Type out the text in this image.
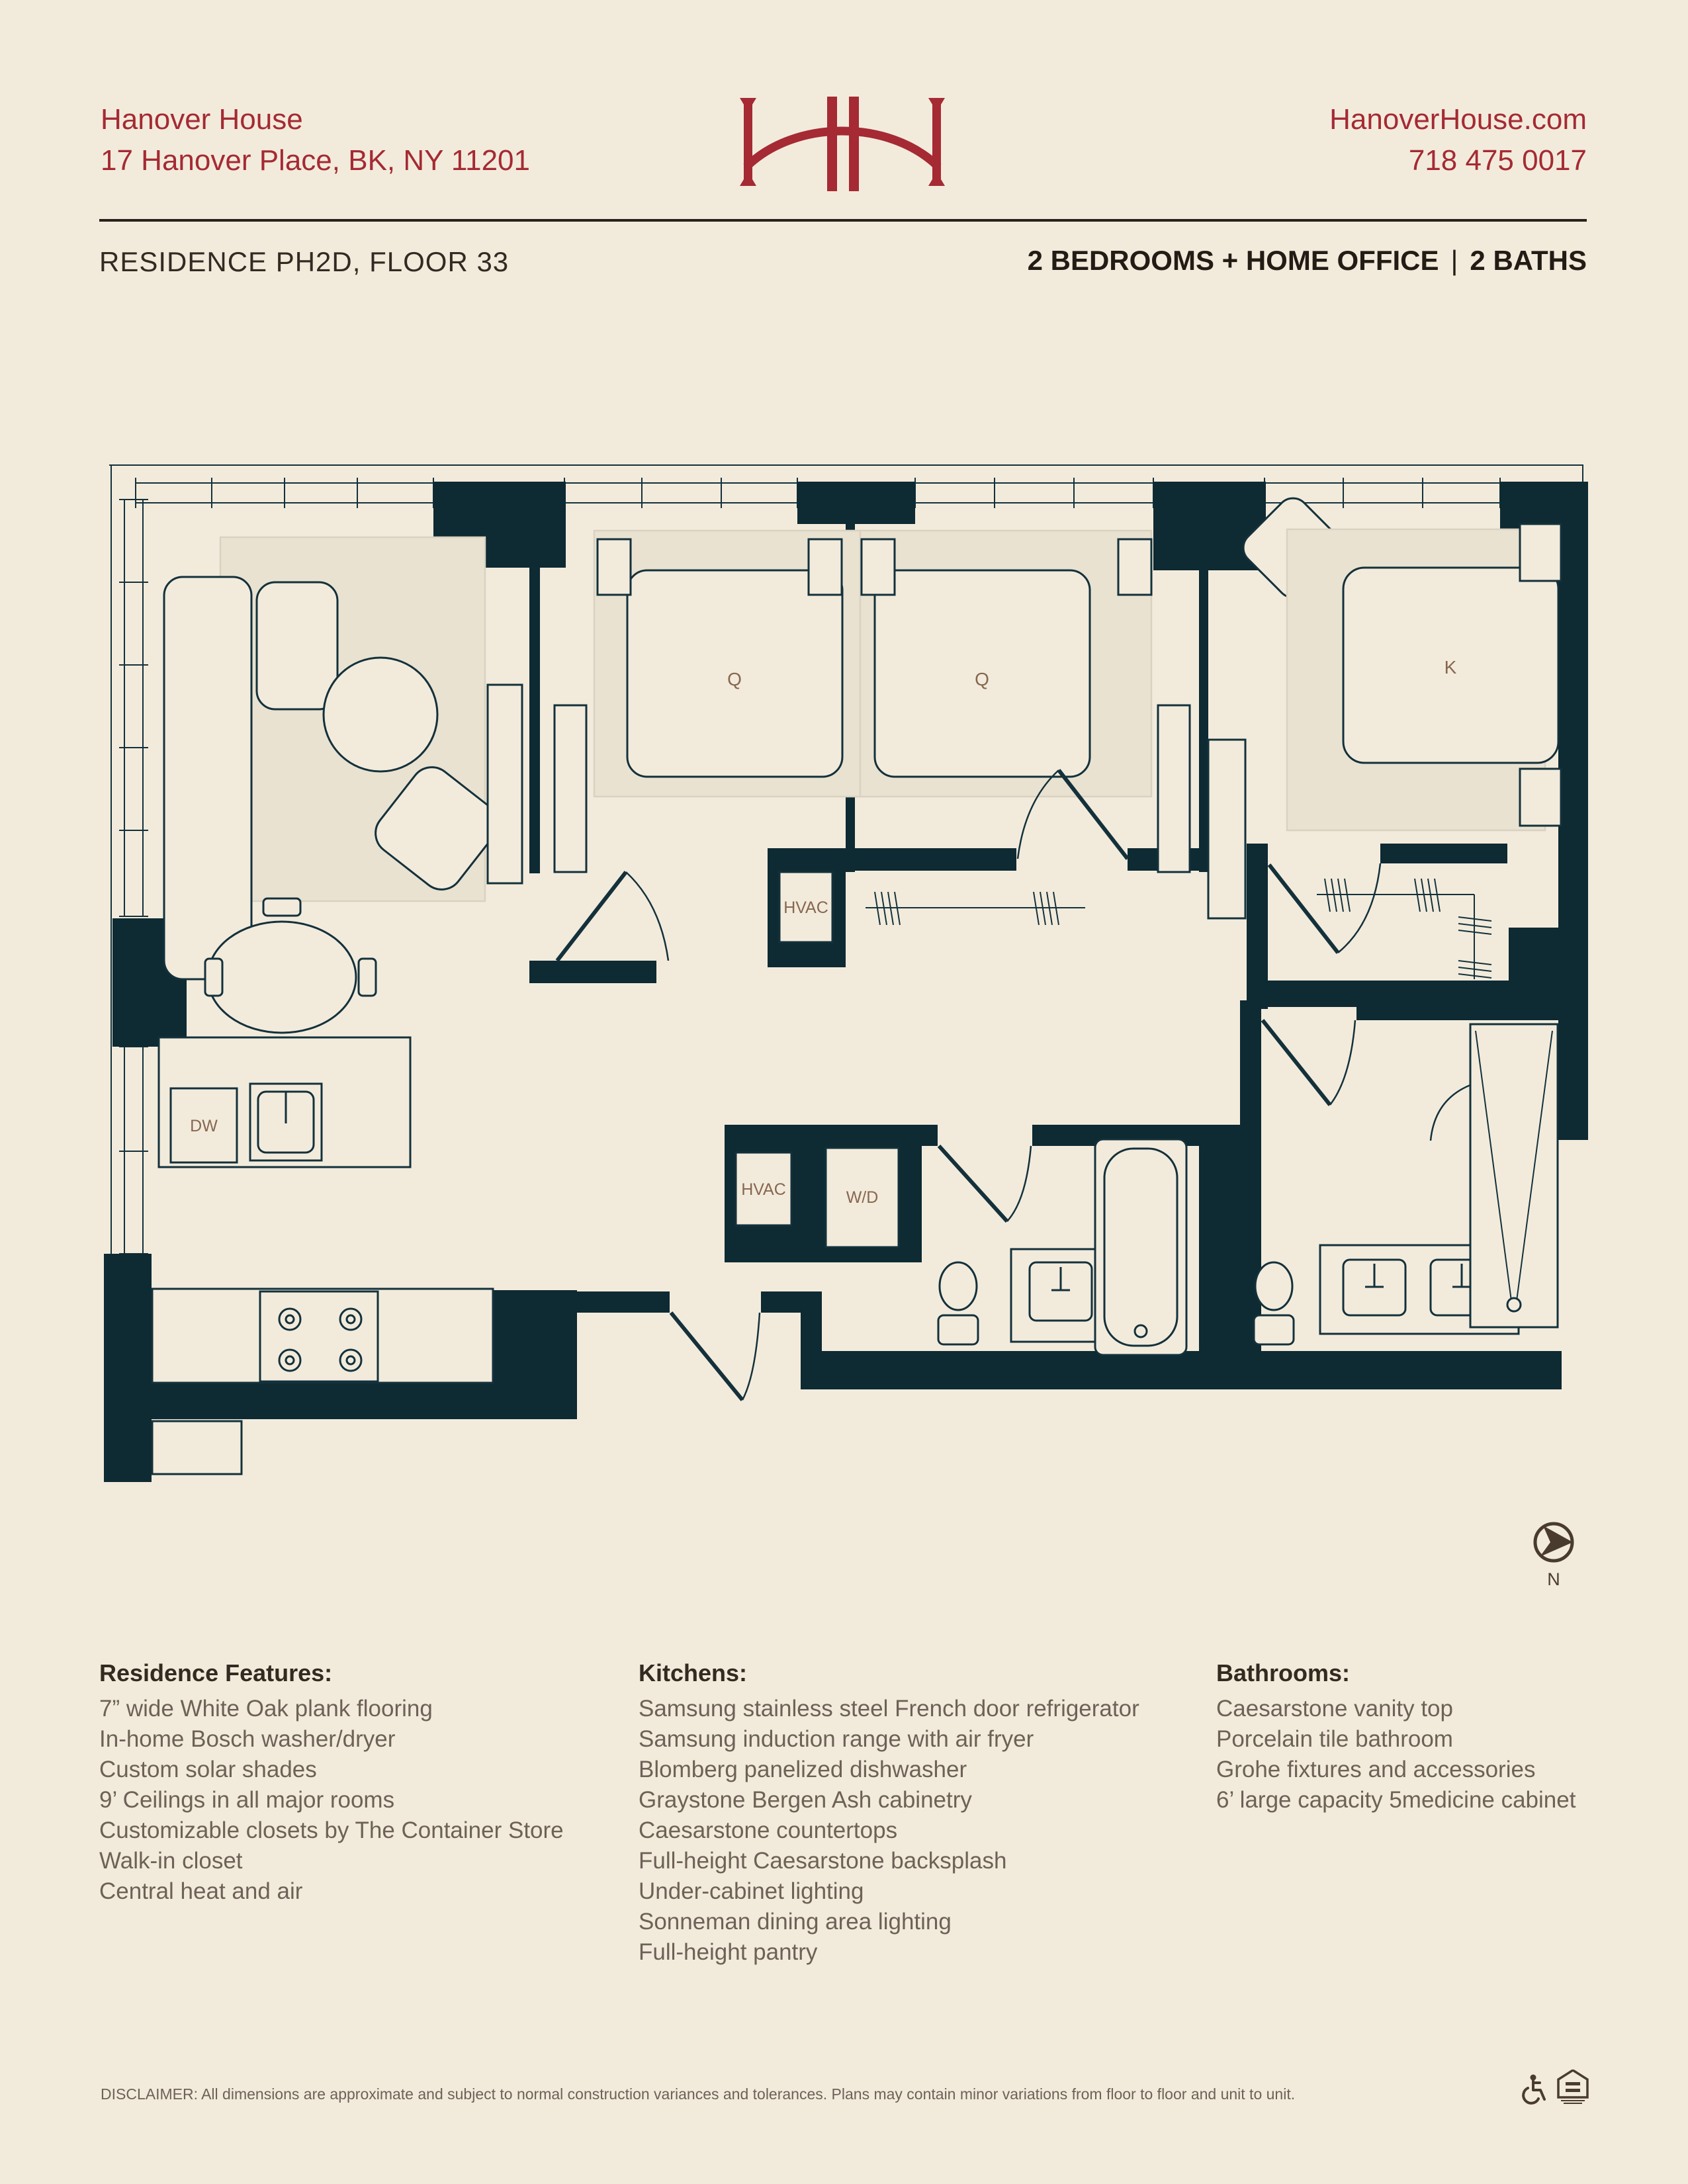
Hanover House
17 Hanover Place, BK, NY 11201
HanoverHouse.com
718 475 0017
RESIDENCE PH2D, FLOOR 33	2 BEDROOMS + HOME OFFICE | 2 BATHS
DW
Q	Q
K
HVAC
HVAC	W/D
N
Residence Features:
7” wide White Oak plank flooring
In-home Bosch washer/dryer
Custom solar shades
9’ Ceilings in all major rooms
Customizable closets by The Container Store
Walk-in closet
Central heat and air
Kitchens:
Samsung stainless steel French door refrigerator
Samsung induction range with air fryer
Blomberg panelized dishwasher
Graystone Bergen Ash cabinetry
Caesarstone countertops
Full-height Caesarstone backsplash
Under-cabinet lighting
Sonneman dining area lighting
Full-height pantry
Bathrooms:
Caesarstone vanity top
Porcelain tile bathroom
Grohe fixtures and accessories
6’ large capacity 5medicine cabinet
DISCLAIMER: All dimensions are approximate and subject to normal construction variances and tolerances. Plans may contain minor variations from floor to floor and unit to unit.
